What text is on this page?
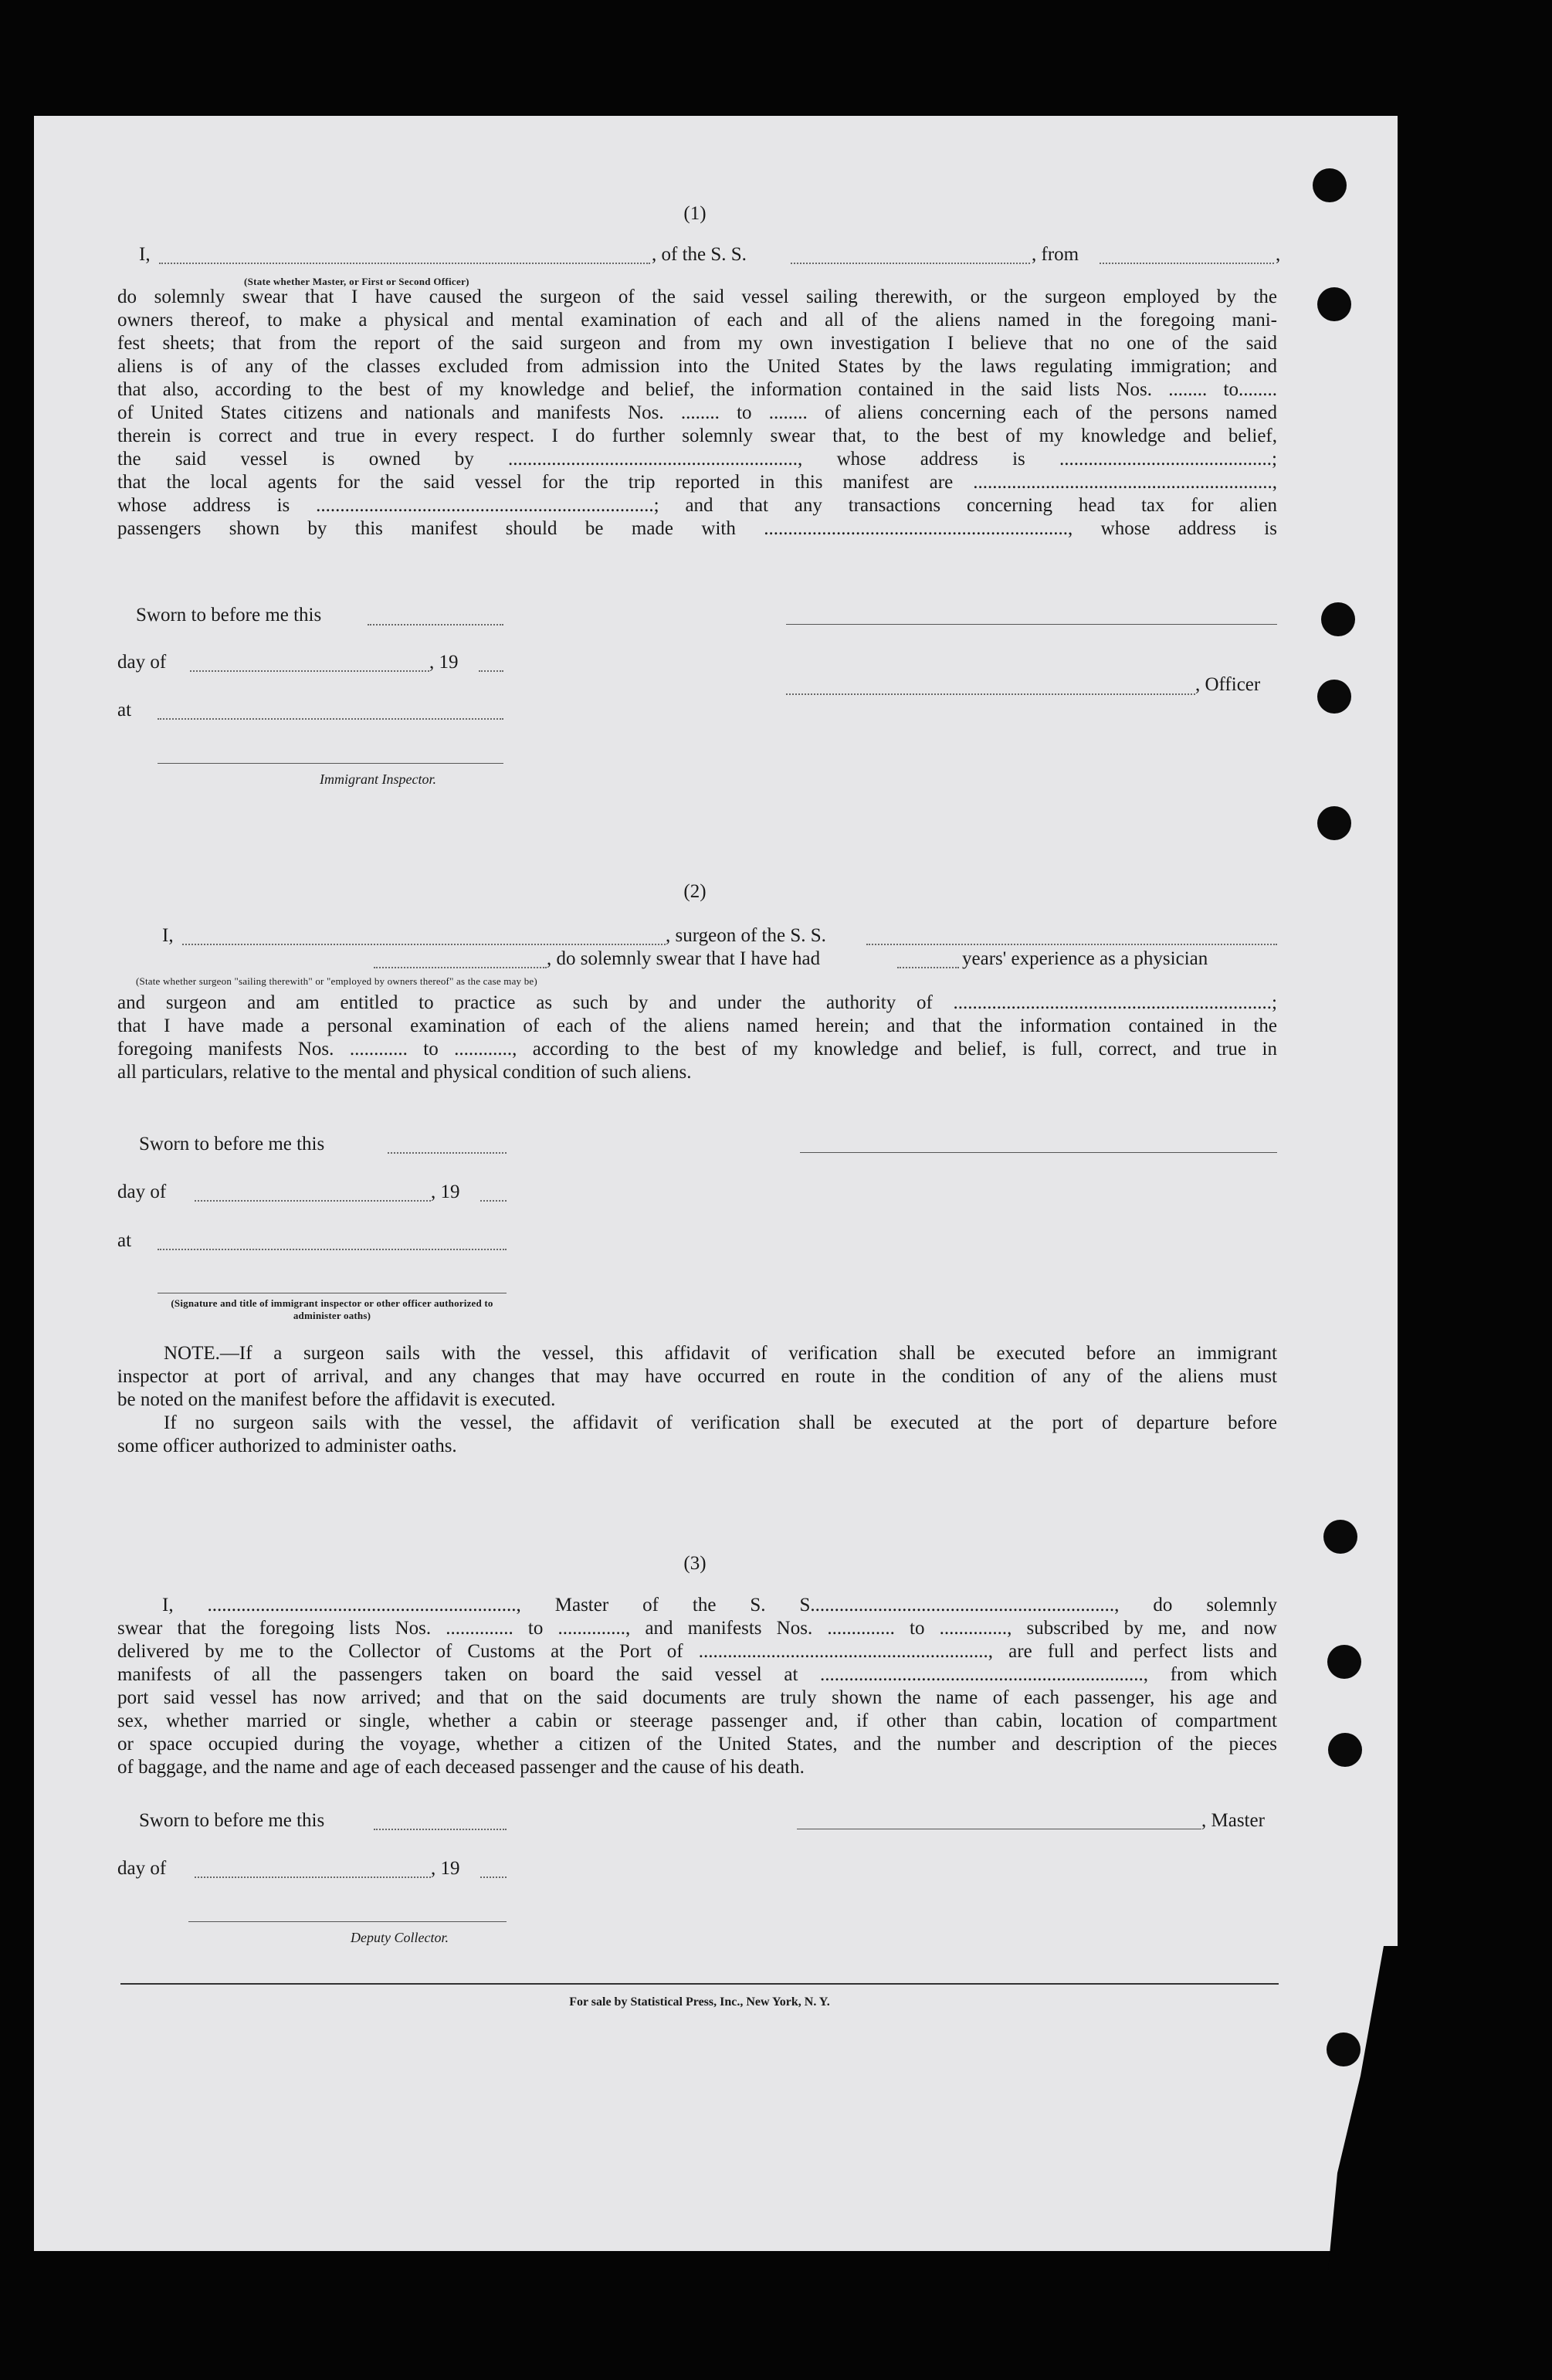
(1)
I,	, of the S. S.	, from	,
(State whether Master, or First or Second Officer)
do solemnly swear that I have caused the surgeon of the said vessel sailing therewith, or the surgeon employed by the
owners thereof, to make a physical and mental examination of each and all of the aliens named in the foregoing mani-
fest sheets; that from the report of the said surgeon and from my own investigation I believe that no one of the said
aliens is of any of the classes excluded from admission into the United States by the laws regulating immigration; and
that also, according to the best of my knowledge and belief, the information contained in the said lists Nos. ........ to........
of United States citizens and nationals and manifests Nos. ........ to ........ of aliens concerning each of the persons named
therein is correct and true in every respect. I do further solemnly swear that, to the best of my knowledge and belief,
the said vessel is owned by ............................................................, whose address is ............................................;
that the local agents for the said vessel for the trip reported in this manifest are ..............................................................,
whose address is ......................................................................; and that any transactions concerning head tax for alien
passengers shown by this manifest should be made with ..............................................................., whose address is
Sworn to before me this
day of	, 19
, Officer
at
Immigrant Inspector.
(2)
I,	, surgeon of the S. S.
, do solemnly swear that I have had	years' experience as a physician
(State whether surgeon "sailing therewith" or "employed by owners thereof" as the case may be)
and surgeon and am entitled to practice as such by and under the authority of ..................................................................;
that I have made a personal examination of each of the aliens named herein; and that the information contained in the
foregoing manifests Nos. ............ to ............, according to the best of my knowledge and belief, is full, correct, and true in
all particulars, relative to the mental and physical condition of such aliens.
Sworn to before me this
day of	, 19
at
(Signature and title of immigrant inspector or other officer authorized to administer oaths)
NOTE.—If a surgeon sails with the vessel, this affidavit of verification shall be executed before an immigrant
inspector at port of arrival, and any changes that may have occurred en route in the condition of any of the aliens must
be noted on the manifest before the affidavit is executed.
If no surgeon sails with the vessel, the affidavit of verification shall be executed at the port of departure before
some officer authorized to administer oaths.
(3)
I, ................................................................, Master of the S. S..............................................................., do solemnly
swear that the foregoing lists Nos. .............. to .............., and manifests Nos. .............. to .............., subscribed by me, and now
delivered by me to the Collector of Customs at the Port of ............................................................, are full and perfect lists and
manifests of all the passengers taken on board the said vessel at ..................................................................., from which
port said vessel has now arrived; and that on the said documents are truly shown the name of each passenger, his age and
sex, whether married or single, whether a cabin or steerage passenger and, if other than cabin, location of compartment
or space occupied during the voyage, whether a citizen of the United States, and the number and description of the pieces
of baggage, and the name and age of each deceased passenger and the cause of his death.
Sworn to before me this	, Master
day of	, 19
Deputy Collector.
For sale by Statistical Press, Inc., New York, N. Y.
